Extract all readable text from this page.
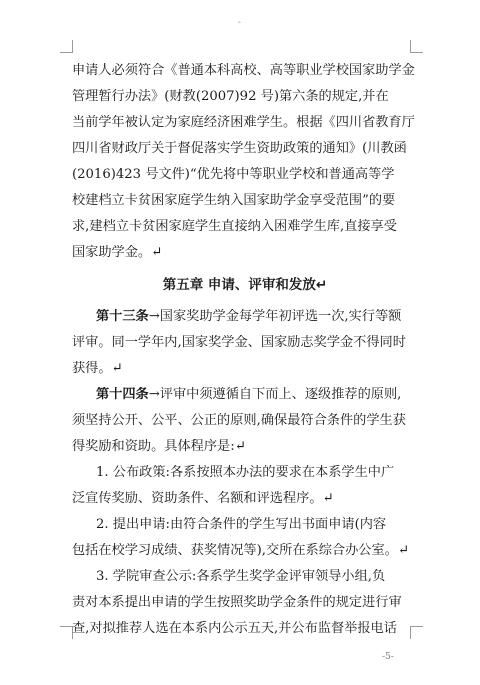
‸
申请人必须符合《普通本科高校、高等职业学校国家助学金
管理暂行办法》(财教(2007)92 号)第六条的规定,并在
当前学年被认定为家庭经济困难学生。根据《四川省教育厅
四川省财政厅关于督促落实学生资助政策的通知》(川教函
(2016)423 号文件)“优先将中等职业学校和普通高等学
校建档立卡贫困家庭学生纳入国家助学金享受范围”的要
求,建档立卡贫困家庭学生直接纳入困难学生库,直接享受
国家助学金。↵
第五章 申请、评审和发放↵
第十三条→国家奖助学金每学年初评选一次,实行等额
评审。同一学年内,国家奖学金、国家励志奖学金不得同时
获得。↵
第十四条→评审中须遵循自下而上、逐级推荐的原则,
须坚持公开、公平、公正的原则,确保最符合条件的学生获
得奖励和资助。具体程序是:↵
1. 公布政策:各系按照本办法的要求在本系学生中广
泛宣传奖励、资助条件、名额和评选程序。↵
2. 提出申请:由符合条件的学生写出书面申请(内容
包括在校学习成绩、获奖情况等),交所在系综合办公室。↵
3. 学院审查公示:各系学生奖学金评审领导小组,负
责对本系提出申请的学生按照奖助学金条件的规定进行审
查,对拟推荐人选在本系内公示五天,并公布监督举报电话
-5-
